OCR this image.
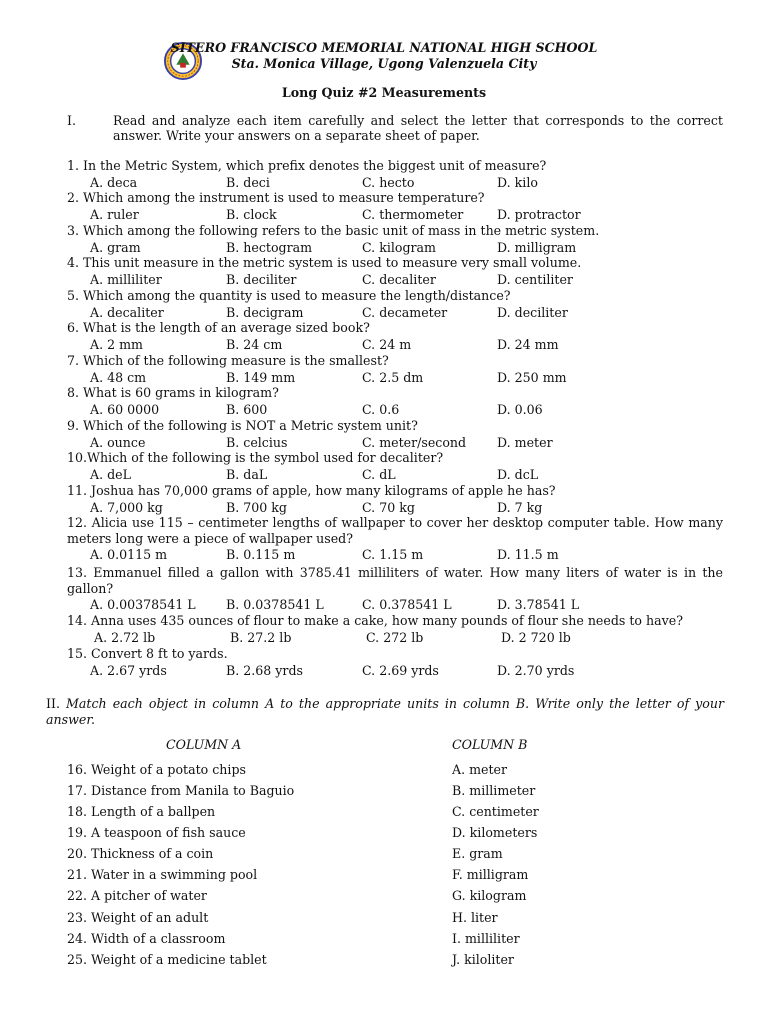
SITERO FRANCISCO MEMORIAL NATIONAL HIGH SCHOOL
Sta. Monica Village, Ugong Valenzuela City
Long Quiz #2 Measurements
I.	Read and analyze each item carefully and select the letter that corresponds to the correct answer. Write your answers on a separate sheet of paper.
1. In the Metric System, which prefix denotes the biggest unit of measure?
A. deca	B. deci	C. hecto	D. kilo
2. Which among the instrument is used to measure temperature?
A. ruler	B. clock	C. thermometer	D. protractor
3. Which among the following refers to the basic unit of mass in the metric system.
A. gram	B. hectogram	C. kilogram	D. milligram
4. This unit measure in the metric system is used to measure very small volume.
A. milliliter	B. deciliter	C. decaliter	D. centiliter
5. Which among the quantity is used to measure the length/distance?
A. decaliter	B. decigram	C. decameter	D. deciliter
6. What is the length of an average sized book?
A. 2 mm	B. 24 cm	C. 24 m	D. 24 mm
7. Which of the following measure is the smallest?
A. 48 cm	B. 149 mm	C. 2.5 dm	D. 250 mm
8. What is 60 grams in kilogram?
A. 60 0000	B. 600	C. 0.6	D. 0.06
9. Which of the following is NOT a Metric system unit?
A. ounce	B. celcius	C. meter/second D. meter
10.Which of the following is the symbol used for decaliter?
A. deL	B. daL	C. dL	D. dcL
11. Joshua has 70,000 grams of apple, how many kilograms of apple he has?
A. 7,000 kg	B. 700 kg	C. 70 kg	D. 7 kg
12. Alicia use 115 – centimeter lengths of wallpaper to cover her desktop computer table. How many meters long were a piece of wallpaper used?
A. 0.0115 m	B. 0.115 m	C. 1.15 m	D. 11.5 m
13. Emmanuel filled a gallon with 3785.41 milliliters of water. How many liters of water is in the gallon?
A. 0.00378541 L B. 0.0378541 L	C. 0.378541 L	D. 3.78541 L
14. Anna uses 435 ounces of flour to make a cake, how many pounds of flour she needs to have?
A. 2.72 lb	B. 27.2 lb	C. 272 lb	D. 2 720 lb
15. Convert 8 ft to yards.
A. 2.67 yrds	B. 2.68 yrds	C. 2.69 yrds	D. 2.70 yrds
II. Match each object in column A to the appropriate units in column B. Write only the letter of your answer.
COLUMN A	COLUMN B
16. Weight of a potato chips	A. meter
17. Distance from Manila to Baguio	B. millimeter
18. Length of a ballpen	C. centimeter
19. A teaspoon of fish sauce	D. kilometers
20. Thickness of a coin	E. gram
21. Water in a swimming pool	F. milligram
22. A pitcher of water	G. kilogram
23. Weight of an adult	H. liter
24. Width of a classroom	I. milliliter
25. Weight of a medicine tablet	J. kiloliter
